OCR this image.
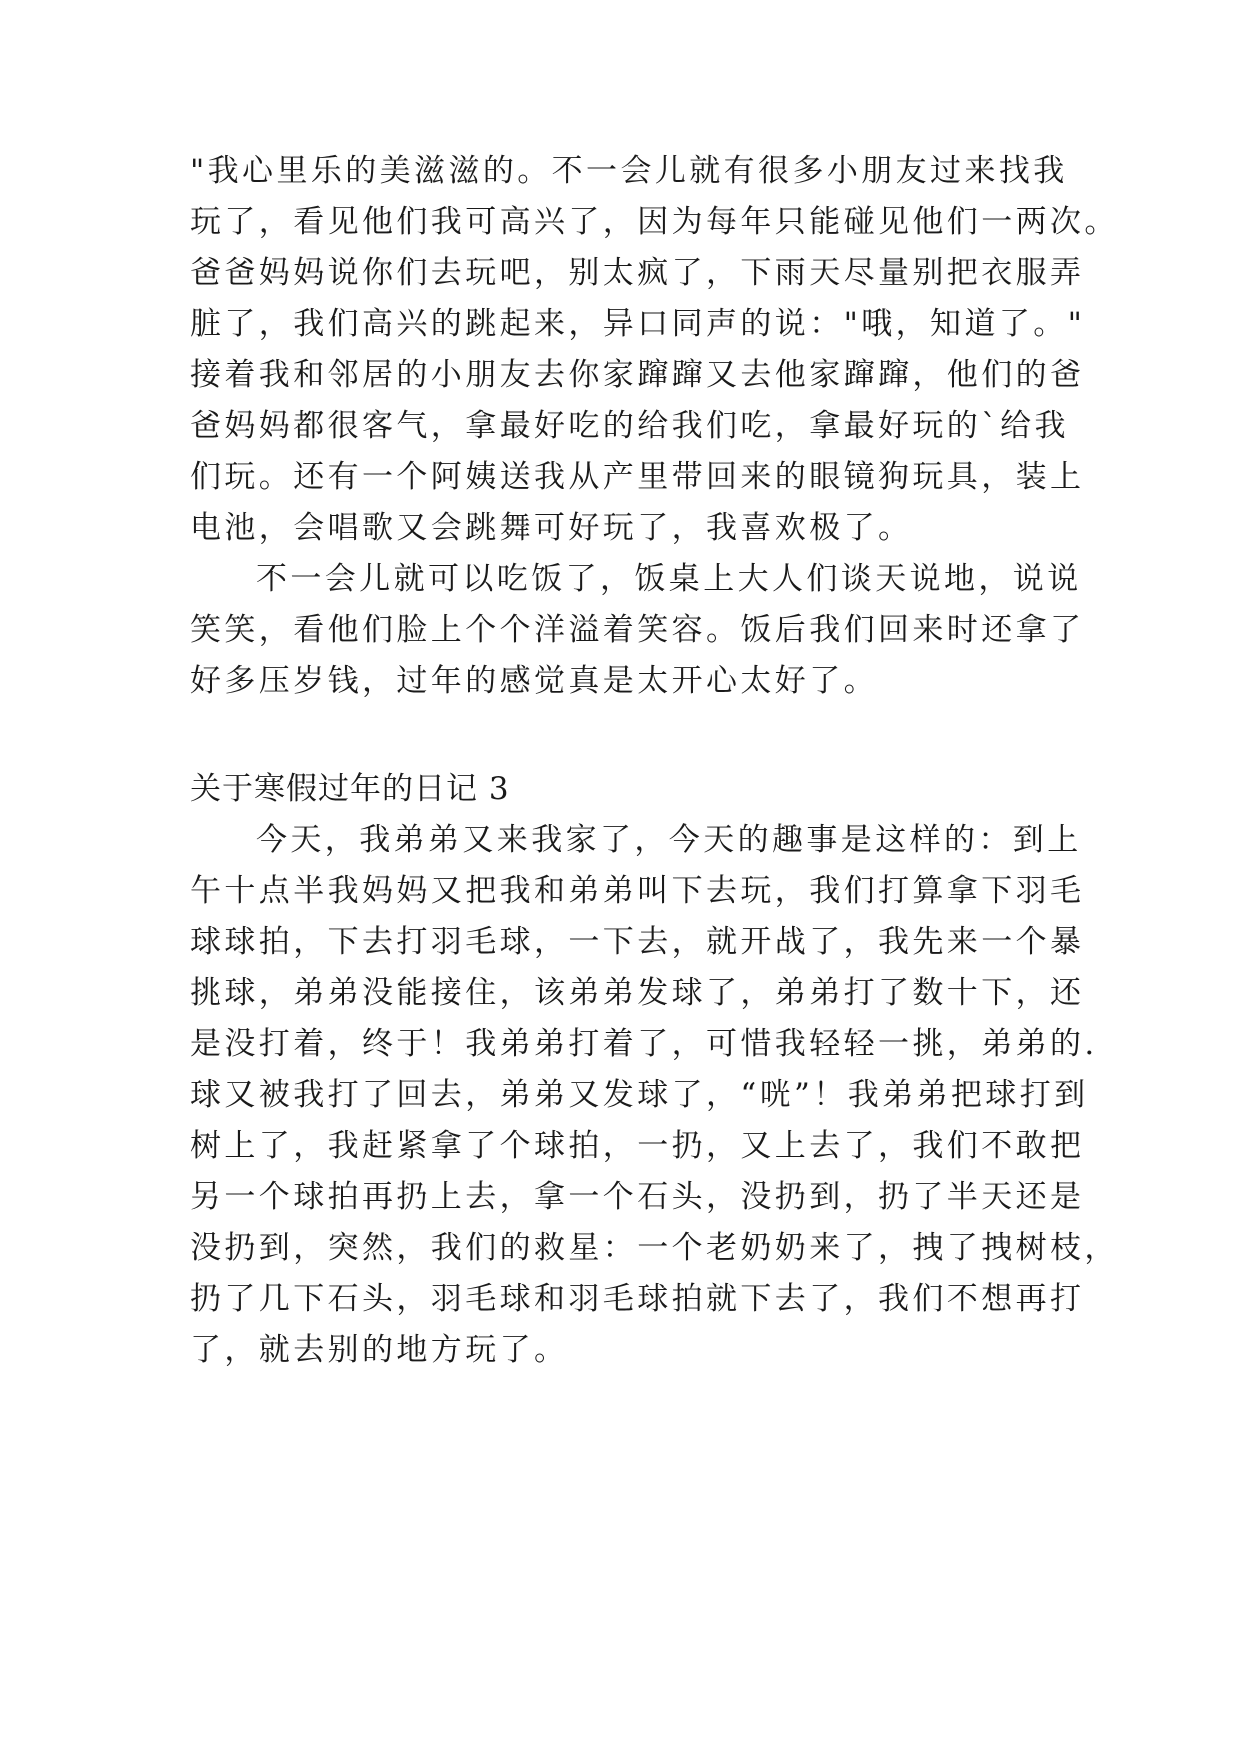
"我心里乐的美滋滋的。不一会儿就有很多小朋友过来找我
玩了，看见他们我可高兴了，因为每年只能碰见他们一两次。
爸爸妈妈说你们去玩吧，别太疯了，下雨天尽量别把衣服弄
脏了，我们高兴的跳起来，异口同声的说："哦，知道了。"
接着我和邻居的小朋友去你家蹿蹿又去他家蹿蹿，他们的爸
爸妈妈都很客气，拿最好吃的给我们吃，拿最好玩的`给我
们玩。还有一个阿姨送我从产里带回来的眼镜狗玩具，装上
电池，会唱歌又会跳舞可好玩了，我喜欢极了。
不一会儿就可以吃饭了，饭桌上大人们谈天说地，说说
笑笑，看他们脸上个个洋溢着笑容。饭后我们回来时还拿了
好多压岁钱，过年的感觉真是太开心太好了。
关于寒假过年的日记 3
今天，我弟弟又来我家了，今天的趣事是这样的：到上
午十点半我妈妈又把我和弟弟叫下去玩，我们打算拿下羽毛
球球拍，下去打羽毛球，一下去，就开战了，我先来一个暴
挑球，弟弟没能接住，该弟弟发球了，弟弟打了数十下，还
是没打着，终于！我弟弟打着了，可惜我轻轻一挑，弟弟的.
球又被我打了回去，弟弟又发球了，“咣”！我弟弟把球打到
树上了，我赶紧拿了个球拍，一扔，又上去了，我们不敢把
另一个球拍再扔上去，拿一个石头，没扔到，扔了半天还是
没扔到，突然，我们的救星：一个老奶奶来了，拽了拽树枝，
扔了几下石头，羽毛球和羽毛球拍就下去了，我们不想再打
了，就去别的地方玩了。
